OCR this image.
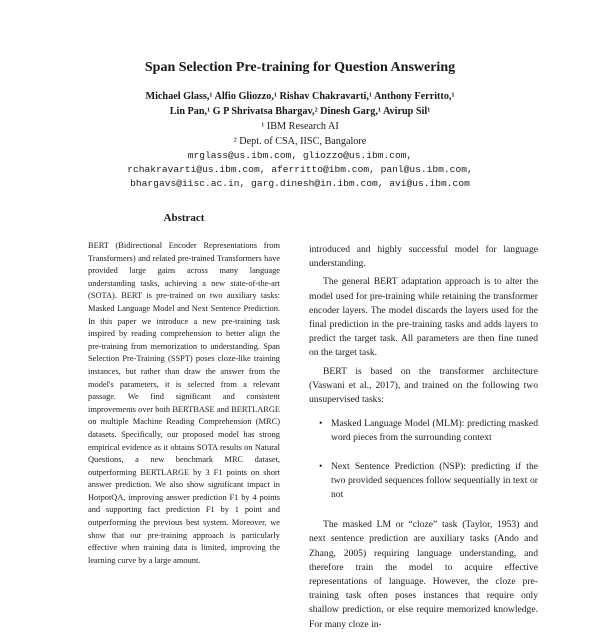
Span Selection Pre-training for Question Answering
Michael Glass,¹ Alfio Gliozzo,¹ Rishav Chakravarti,¹ Anthony Ferritto,¹
Lin Pan,¹ G P Shrivatsa Bhargav,² Dinesh Garg,¹ Avirup Sil¹
¹ IBM Research AI
² Dept. of CSA, IISC, Bangalore
mrglass@us.ibm.com, gliozzo@us.ibm.com,
rchakravarti@us.ibm.com, aferritto@ibm.com, panl@us.ibm.com,
bhargavs@iisc.ac.in, garg.dinesh@in.ibm.com, avi@us.ibm.com
Abstract
BERT (Bidirectional Encoder Representations from Transformers) and related pre-trained Transformers have provided large gains across many language understanding tasks, achieving a new state-of-the-art (SOTA). BERT is pre-trained on two auxiliary tasks: Masked Language Model and Next Sentence Prediction. In this paper we introduce a new pre-training task inspired by reading comprehension to better align the pre-training from memorization to understanding. Span Selection Pre-Training (SSPT) poses cloze-like training instances, but rather than draw the answer from the model's parameters, it is selected from a relevant passage. We find significant and consistent improvements over both BERTBASE and BERTLARGE on multiple Machine Reading Comprehension (MRC) datasets. Specifically, our proposed model has strong empirical evidence as it obtains SOTA results on Natural Questions, a new benchmark MRC dataset, outperforming BERTLARGE by 3 F1 points on short answer prediction. We also show significant impact in HotpotQA, improving answer prediction F1 by 4 points and supporting fact prediction F1 by 1 point and outperforming the previous best system. Moreover, we show that our pre-training approach is particularly effective when training data is limited, improving the learning curve by a large amount.

introduced and highly successful model for language understanding.

The general BERT adaptation approach is to alter the model used for pre-training while retaining the transformer encoder layers. The model discards the layers used for the final prediction in the pre-training tasks and adds layers to predict the target task. All parameters are then fine tuned on the target task.

BERT is based on the transformer architecture (Vaswani et al., 2017), and trained on the following two unsupervised tasks:

• Masked Language Model (MLM): predicting masked word pieces from the surrounding context
• Next Sentence Prediction (NSP): predicting if the two provided sequences follow sequentially in text or not

The masked LM or “cloze” task (Taylor, 1953) and next sentence prediction are auxiliary tasks (Ando and Zhang, 2005) requiring language understanding, and therefore train the model to acquire effective representations of language. However, the cloze pre-training task often poses instances that require only shallow prediction, or else require memorized knowledge. For many cloze in-
